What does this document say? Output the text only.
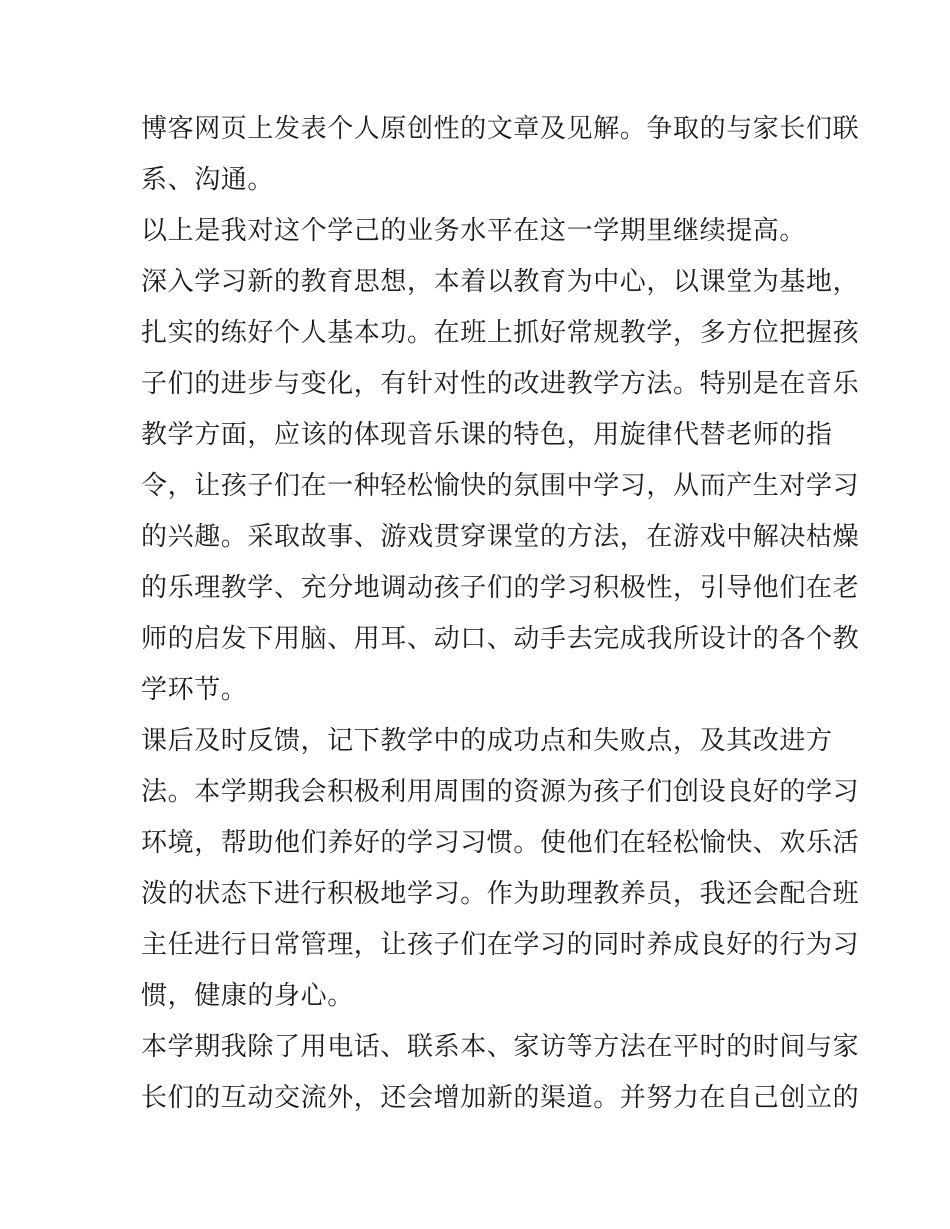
博客网页上发表个人原创性的文章及见解。争取的与家长们联
系、沟通。
以上是我对这个学己的业务水平在这一学期里继续提高。
深入学习新的教育思想，本着以教育为中心，以课堂为基地，
扎实的练好个人基本功。在班上抓好常规教学，多方位把握孩
子们的进步与变化，有针对性的改进教学方法。特别是在音乐
教学方面，应该的体现音乐课的特色，用旋律代替老师的指
令，让孩子们在一种轻松愉快的氛围中学习，从而产生对学习
的兴趣。采取故事、游戏贯穿课堂的方法，在游戏中解决枯燥
的乐理教学、充分地调动孩子们的学习积极性，引导他们在老
师的启发下用脑、用耳、动口、动手去完成我所设计的各个教
学环节。
课后及时反馈，记下教学中的成功点和失败点，及其改进方
法。本学期我会积极利用周围的资源为孩子们创设良好的学习
环境，帮助他们养好的学习习惯。使他们在轻松愉快、欢乐活
泼的状态下进行积极地学习。作为助理教养员，我还会配合班
主任进行日常管理，让孩子们在学习的同时养成良好的行为习
惯，健康的身心。
本学期我除了用电话、联系本、家访等方法在平时的时间与家
长们的互动交流外，还会增加新的渠道。并努力在自己创立的
